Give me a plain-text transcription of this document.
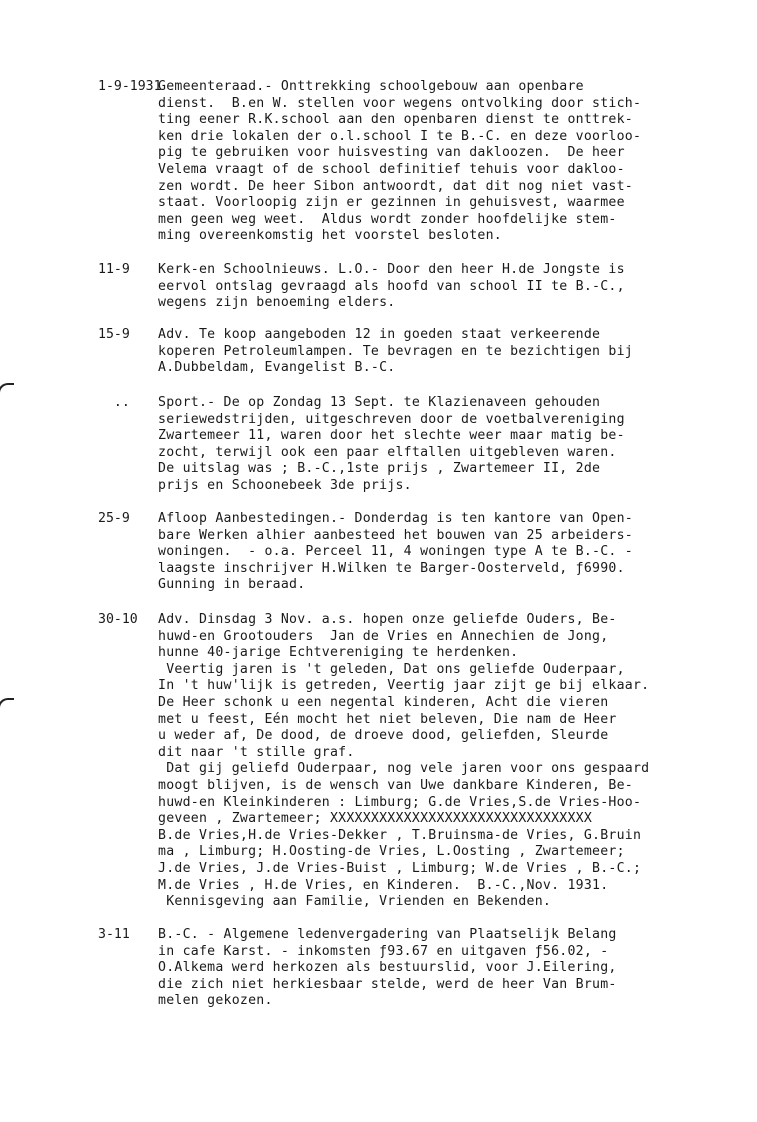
1-9-1931
Gemeenteraad.- Onttrekking schoolgebouw aan openbare
dienst.  B.en W. stellen voor wegens ontvolking door stich-
ting eener R.K.school aan den openbaren dienst te onttrek-
ken drie lokalen der o.l.school I te B.-C. en deze voorloo-
pig te gebruiken voor huisvesting van dakloozen.  De heer
Velema vraagt of de school definitief tehuis voor dakloo-
zen wordt. De heer Sibon antwoordt, dat dit nog niet vast-
staat. Voorloopig zijn er gezinnen in gehuisvest, waarmee
men geen weg weet.  Aldus wordt zonder hoofdelijke stem-
ming overeenkomstig het voorstel besloten.
11-9 Kerk-en Schoolnieuws. L.O.- Door den heer H.de Jongste is
eervol ontslag gevraagd als hoofd van school II te B.-C.,
wegens zijn benoeming elders.
15-9 Adv. Te koop aangeboden 12 in goeden staat verkeerende
koperen Petroleumlampen. Te bevragen en te bezichtigen bij
A.Dubbeldam, Evangelist B.-C.
.. Sport.- De op Zondag 13 Sept. te Klazienaveen gehouden
seriewedstrijden, uitgeschreven door de voetbalvereniging
Zwartemeer 11, waren door het slechte weer maar matig be-
zocht, terwijl ook een paar elftallen uitgebleven waren.
De uitslag was ; B.-C.,1ste prijs , Zwartemeer II, 2de
prijs en Schoonebeek 3de prijs.
25-9 Afloop Aanbestedingen.- Donderdag is ten kantore van Open-
bare Werken alhier aanbesteed het bouwen van 25 arbeiders-
woningen.  - o.a. Perceel 11, 4 woningen type A te B.-C. -
laagste inschrijver H.Wilken te Barger-Oosterveld, ƒ6990.
Gunning in beraad.
30-10 Adv. Dinsdag 3 Nov. a.s. hopen onze geliefde Ouders, Be-
huwd-en Grootouders  Jan de Vries en Annechien de Jong,
hunne 40-jarige Echtvereniging te herdenken.
Veertig jaren is 't geleden, Dat ons geliefde Ouderpaar,
In 't huw'lijk is getreden, Veertig jaar zijt ge bij elkaar.
De Heer schonk u een negental kinderen, Acht die vieren
met u feest, Eén mocht het niet beleven, Die nam de Heer
u weder af, De dood, de droeve dood, geliefden, Sleurde
dit naar 't stille graf.
Dat gij geliefd Ouderpaar, nog vele jaren voor ons gespaard
moogt blijven, is de wensch van Uwe dankbare Kinderen, Be-
huwd-en Kleinkinderen : Limburg; G.de Vries,S.de Vries-Hoo-
geveen , Zwartemeer; XXXXXXXXXXXXXXXXXXXXXXXXXXXXXXXX
B.de Vries,H.de Vries-Dekker , T.Bruinsma-de Vries, G.Bruin
ma , Limburg; H.Oosting-de Vries, L.Oosting , Zwartemeer;
J.de Vries, J.de Vries-Buist , Limburg; W.de Vries , B.-C.;
M.de Vries , H.de Vries, en Kinderen.  B.-C.,Nov. 1931.
Kennisgeving aan Familie, Vrienden en Bekenden.
3-11 B.-C. - Algemene ledenvergadering van Plaatselijk Belang
in cafe Karst. - inkomsten ƒ93.67 en uitgaven ƒ56.02, -
O.Alkema werd herkozen als bestuurslid, voor J.Eilering,
die zich niet herkiesbaar stelde, werd de heer Van Brum-
melen gekozen.
